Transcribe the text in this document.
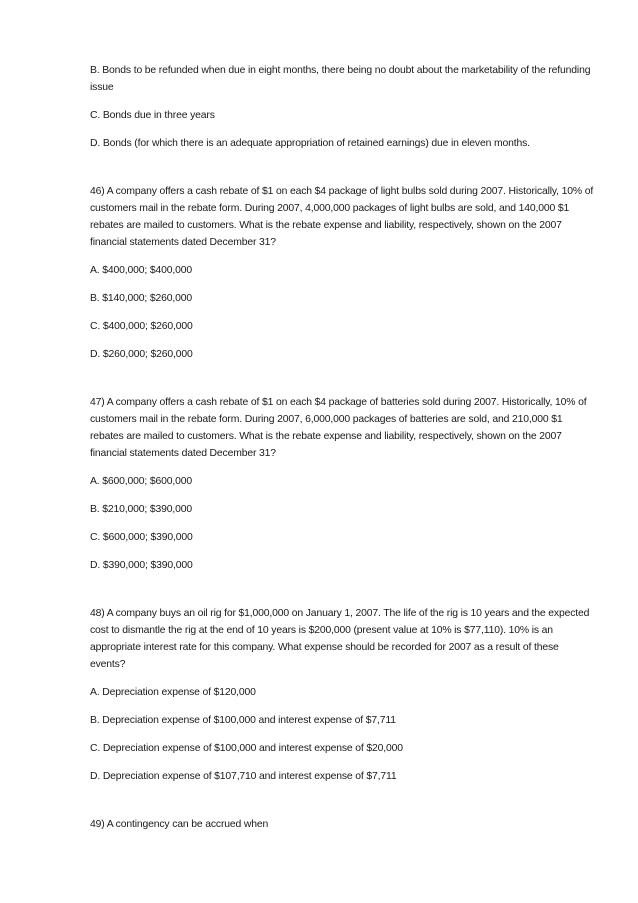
B. Bonds to be refunded when due in eight months, there being no doubt about the marketability of the refunding issue

C. Bonds due in three years

D. Bonds (for which there is an adequate appropriation of retained earnings) due in eleven months.

46) A company offers a cash rebate of $1 on each $4 package of light bulbs sold during 2007. Historically, 10% of customers mail in the rebate form. During 2007, 4,000,000 packages of light bulbs are sold, and 140,000 $1 rebates are mailed to customers. What is the rebate expense and liability, respectively, shown on the 2007 financial statements dated December 31?

A. $400,000; $400,000

B. $140,000; $260,000

C. $400,000; $260,000

D. $260,000; $260,000

47) A company offers a cash rebate of $1 on each $4 package of batteries sold during 2007. Historically, 10% of customers mail in the rebate form. During 2007, 6,000,000 packages of batteries are sold, and 210,000 $1 rebates are mailed to customers. What is the rebate expense and liability, respectively, shown on the 2007 financial statements dated December 31?

A. $600,000; $600,000

B. $210,000; $390,000

C. $600,000; $390,000

D. $390,000; $390,000

48) A company buys an oil rig for $1,000,000 on January 1, 2007. The life of the rig is 10 years and the expected cost to dismantle the rig at the end of 10 years is $200,000 (present value at 10% is $77,110). 10% is an appropriate interest rate for this company. What expense should be recorded for 2007 as a result of these events?

A. Depreciation expense of $120,000

B. Depreciation expense of $100,000 and interest expense of $7,711

C. Depreciation expense of $100,000 and interest expense of $20,000

D. Depreciation expense of $107,710 and interest expense of $7,711

49) A contingency can be accrued when
